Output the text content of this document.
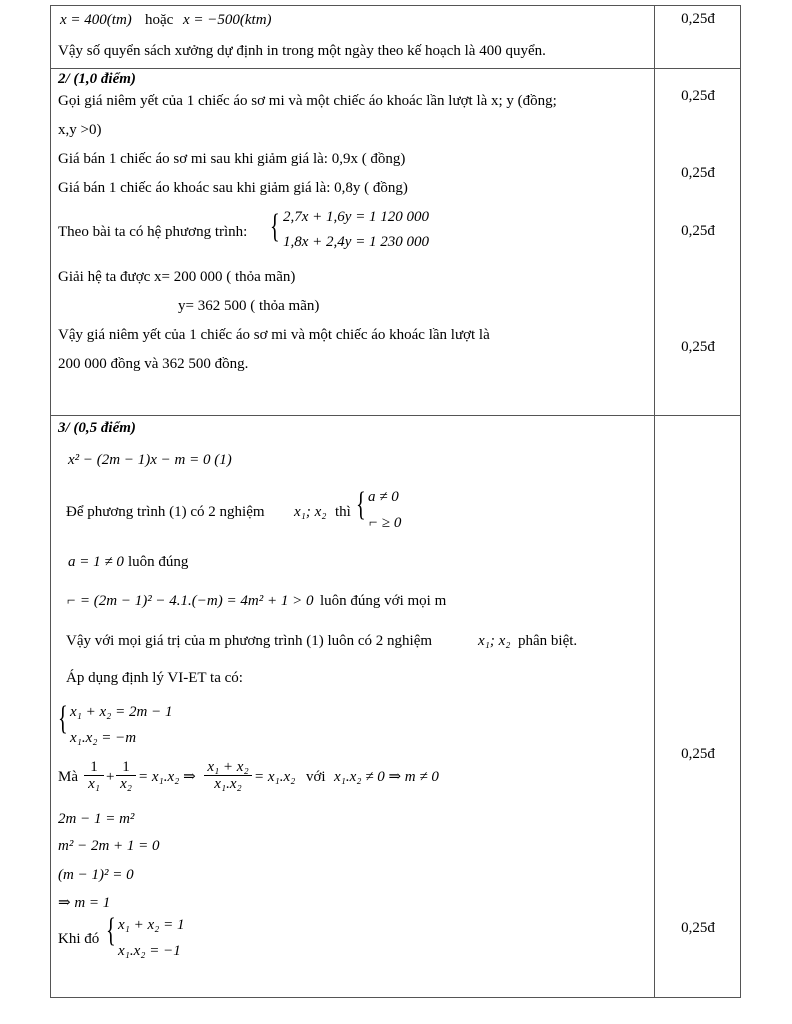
x = 400(tm) hoặc x = −500(ktm)
Vậy số quyển sách xưởng dự định in trong một ngày theo kế hoạch là 400 quyển.
0,25đ
2/ (1,0 điểm)
Gọi giá niêm yết của 1 chiếc áo sơ mi và một chiếc áo khoác lần lượt là x; y (đồng;
x,y >0)
Giá bán 1 chiếc áo sơ mi sau khi giảm giá là: 0,9x ( đồng)
Giá bán 1 chiếc áo khoác sau khi giảm giá là: 0,8y ( đồng)
Theo bài ta có hệ phương trình: { 2,7x + 1,6y = 1 120 000
1,8x + 2,4y = 1 230 000
Giải hệ ta được x= 200 000 ( thỏa mãn)
y= 362 500 ( thỏa mãn)
Vậy giá niêm yết của 1 chiếc áo sơ mi và một chiếc áo khoác lần lượt là
200 000 đồng và 362 500 đồng.
0,25đ
0,25đ
0,25đ
0,25đ
3/ (0,5 điểm)
x² − (2m − 1)x − m = 0 (1)
Để phương trình (1) có 2 nghiệm x₁; x₂ thì { a ≠ 0
⌐ ≥ 0
a = 1 ≠ 0 luôn đúng
⌐ = (2m − 1)² − 4.1.(−m) = 4m² + 1 > 0 luôn đúng với mọi m
Vậy với mọi giá trị của m phương trình (1) luôn có 2 nghiệm	x₁; x₂ phân biệt.
Áp dụng định lý VI-ET ta có:
{ x₁ + x₂ = 2m − 1
x₁.x₂ = −m
Mà $\frac{1}{\text{x₁}} + \frac{1}{\text{x₂}} = x_1.x_2$ ⇒ $\frac{\text{x₁ + x₂}}{\text{x₁.x₂}} = x_1.x_2$ với x₁.x₂ ≠ 0 ⇒ m ≠ 0
2m − 1 = m²
m² − 2m + 1 = 0
(m − 1)² = 0
⇒ m = 1
Khi đó { x₁ + x₂ = 1
x₁.x₂ = −1
0,25đ
0,25đ
